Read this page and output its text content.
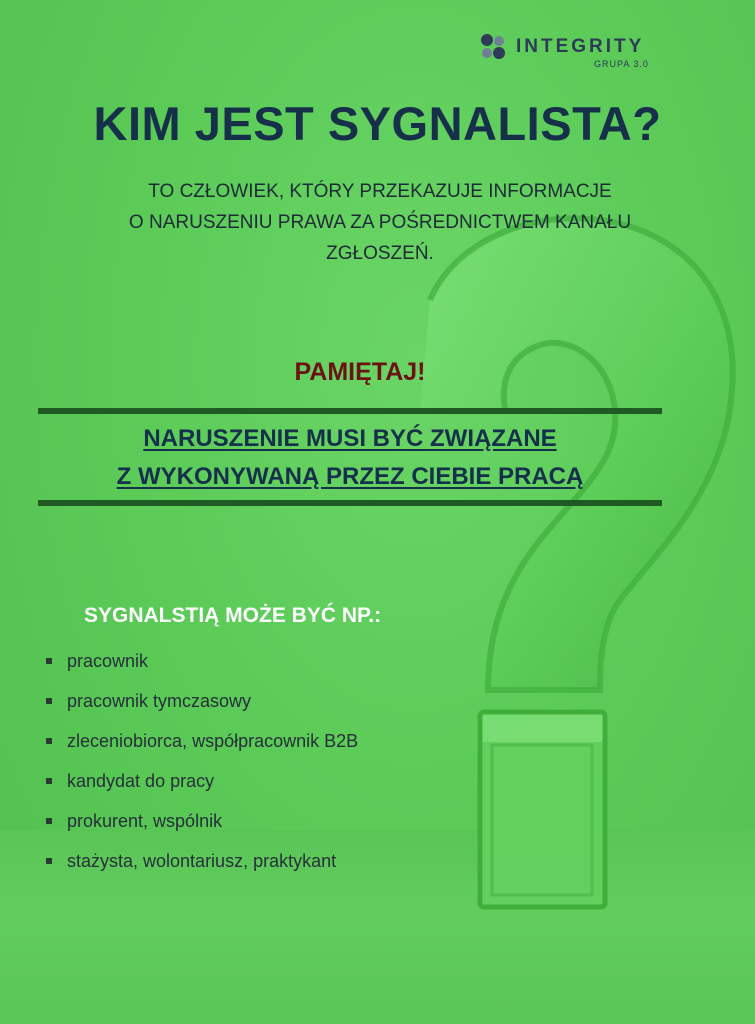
INTEGRITY
GRUPA 3.0
KIM JEST SYGNALISTA?
TO CZŁOWIEK, KTÓRY PRZEKAZUJE INFORMACJE
O NARUSZENIU PRAWA ZA POŚREDNICTWEM KANAŁU
ZGŁOSZEŃ.
PAMIĘTAJ!
NARUSZENIE MUSI BYĆ ZWIĄZANE
Z WYKONYWANĄ PRZEZ CIEBIE PRACĄ
SYGNALSTIĄ MOŻE BYĆ NP.:
pracownik
pracownik tymczasowy
zleceniobiorca, współpracownik B2B
kandydat do pracy
prokurent, wspólnik
stażysta, wolontariusz, praktykant
